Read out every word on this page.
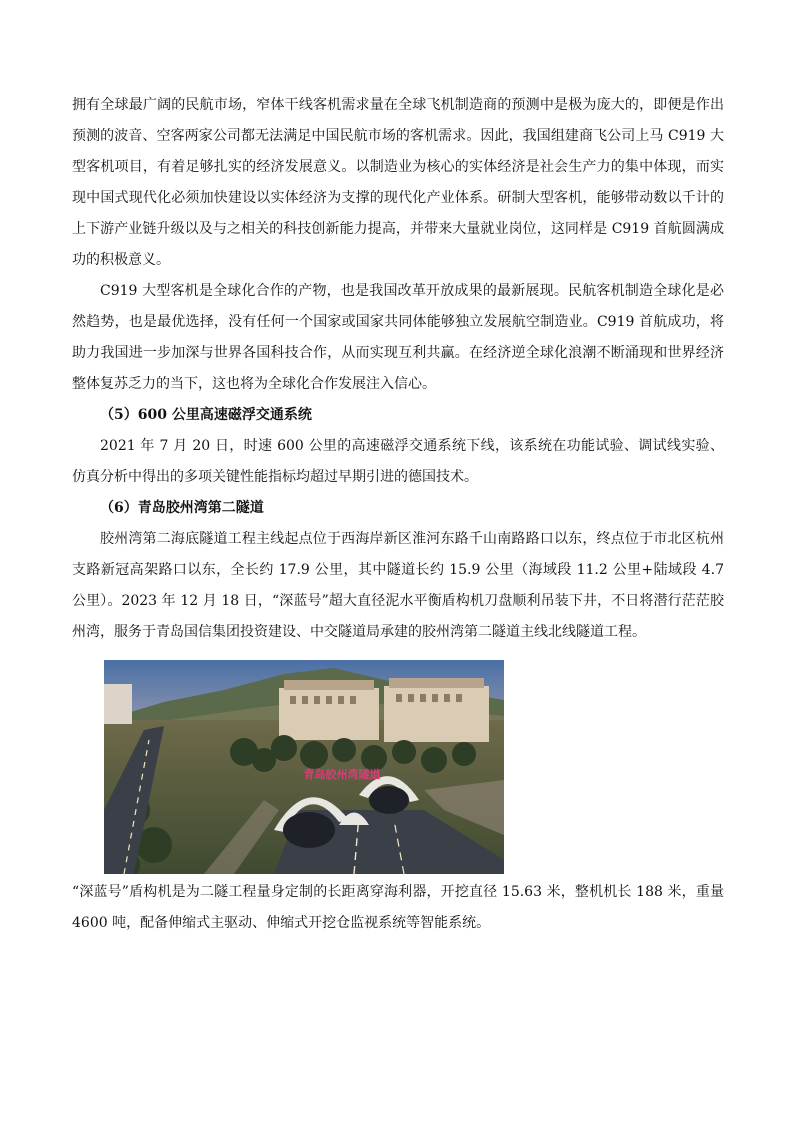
拥有全球最广阔的民航市场，窄体干线客机需求量在全球飞机制造商的预测中是极为庞大的，即便是作出预测的波音、空客两家公司都无法满足中国民航市场的客机需求。因此，我国组建商飞公司上马 C919 大型客机项目，有着足够扎实的经济发展意义。以制造业为核心的实体经济是社会生产力的集中体现，而实现中国式现代化必须加快建设以实体经济为支撑的现代化产业体系。研制大型客机，能够带动数以千计的上下游产业链升级以及与之相关的科技创新能力提高，并带来大量就业岗位，这同样是 C919 首航圆满成功的积极意义。

C919 大型客机是全球化合作的产物，也是我国改革开放成果的最新展现。民航客机制造全球化是必然趋势，也是最优选择，没有任何一个国家或国家共同体能够独立发展航空制造业。C919 首航成功，将助力我国进一步加深与世界各国科技合作，从而实现互利共赢。在经济逆全球化浪潮不断涌现和世界经济整体复苏乏力的当下，这也将为全球化合作发展注入信心。

（5）600 公里高速磁浮交通系统

2021 年 7 月 20 日，时速 600 公里的高速磁浮交通系统下线，该系统在功能试验、调试线实验、仿真分析中得出的多项关键性能指标均超过早期引进的德国技术。

（6）青岛胶州湾第二隧道

胶州湾第二海底隧道工程主线起点位于西海岸新区淮河东路千山南路路口以东，终点位于市北区杭州支路新冠高架路口以东，全长约 17.9 公里，其中隧道长约 15.9 公里（海域段 11.2 公里+陆域段 4.7 公里）。2023 年 12 月 18 日，“深蓝号”超大直径泥水平衡盾构机刀盘顺利吊装下井，不日将潜行茫茫胶州湾，服务于青岛国信集团投资建设、中交隧道局承建的胶州湾第二隧道主线北线隧道工程。

青岛胶州湾隧道

“深蓝号”盾构机是为二隧工程量身定制的长距离穿海利器，开挖直径 15.63 米，整机机长 188 米，重量 4600 吨，配备伸缩式主驱动、伸缩式开挖仓监视系统等智能系统。
